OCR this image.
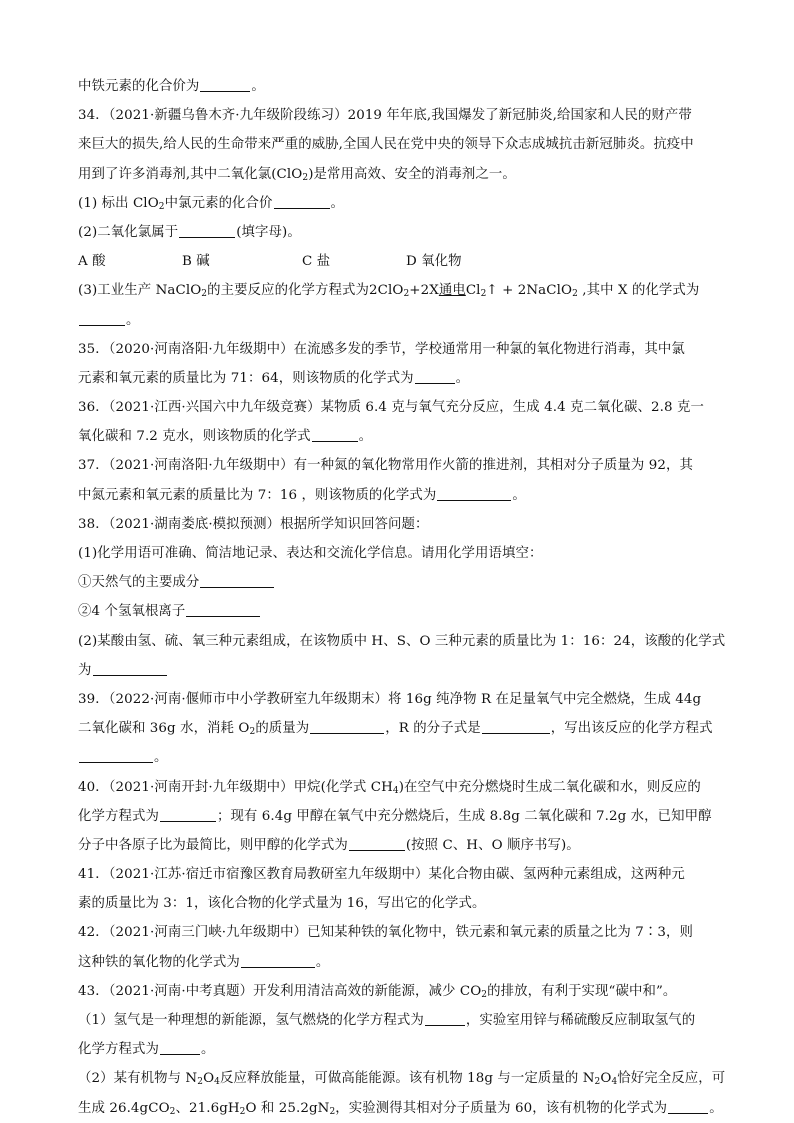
中铁元素的化合价为	。
34．（2021·新疆乌鲁木齐·九年级阶段练习）2019 年年底,我国爆发了新冠肺炎,给国家和人民的财产带
来巨大的损失,给人民的生命带来严重的威胁,全国人民在党中央的领导下众志成城抗击新冠肺炎。抗疫中
用到了许多消毒剂,其中二氧化氯(ClO$_2$)是常用高效、安全的消毒剂之一。
(1) 标出 ClO$_2$中氯元素的化合价	。
(2)二氧化氯属于	(填字母)。
A 酸	B 碱	C 盐	D 氧化物
(3)工业生产 NaClO$_2$的主要反应的化学方程式为2ClO$_2$+2X通电$Cl_2↑$ + 2NaClO$_2$ ,其中 X 的化学式为
。
35．（2020·河南洛阳·九年级期中）在流感多发的季节，学校通常用一种氯的氧化物进行消毒，其中氯
元素和氧元素的质量比为 71：64，则该物质的化学式为	。
36．（2021·江西·兴国六中九年级竞赛）某物质 6.4 克与氧气充分反应，生成 4.4 克二氧化碳、2.8 克一
氧化碳和 7.2 克水，则该物质的化学式	。
37．（2021·河南洛阳·九年级期中）有一种氮的氧化物常用作火箭的推进剂，其相对分子质量为 92，其
中氮元素和氧元素的质量比为 7：16 ，则该物质的化学式为	。
38．（2021·湖南娄底·模拟预测）根据所学知识回答问题：
(1)化学用语可准确、简洁地记录、表达和交流化学信息。请用化学用语填空：
①天然气的主要成分
②4 个氢氧根离子
(2)某酸由氢、硫、氧三种元素组成，在该物质中 H、S、O 三种元素的质量比为 1：16：24，该酸的化学式
为
39．（2022·河南·偃师市中小学教研室九年级期末）将 16g 纯净物 R 在足量氧气中完全燃烧，生成 44g
二氧化碳和 36g 水，消耗 $O_2$的质量为	，R 的分子式是	，写出该反应的化学方程式
。
40．（2021·河南开封·九年级期中）甲烷(化学式 $CH_4$)在空气中充分燃烧时生成二氧化碳和水，则反应的
化学方程式为	；现有 6.4g 甲醇在氧气中充分燃烧后，生成 8.8g 二氧化碳和 7.2g 水，已知甲醇
分子中各原子比为最简比，则甲醇的化学式为	(按照 C、H、O 顺序书写)。
41．（2021·江苏·宿迁市宿豫区教育局教研室九年级期中）某化合物由碳、氢两种元素组成，这两种元
素的质量比为 3：1，该化合物的化学式量为 16，写出它的化学式。
42．（2021·河南三门峡·九年级期中）已知某种铁的氧化物中，铁元素和氧元素的质量之比为 7∶3，则
这种铁的氧化物的化学式为	。
43．（2021·河南·中考真题）开发利用清洁高效的新能源，减少 $CO_2$的排放，有利于实现“碳中和”。
（1）氢气是一种理想的新能源，氢气燃烧的化学方程式为	，实验室用锌与稀硫酸反应制取氢气的
化学方程式为	。
（2）某有机物与 $N_2O_4$反应释放能量，可做高能能源。该有机物 18g 与一定质量的 $N_2O_4$恰好完全反应，可
生成 26.4gCO$_2$、$21.6gH_2O$ 和 $25.2gN_2$，实验测得其相对分子质量为 60，该有机物的化学式为	。
